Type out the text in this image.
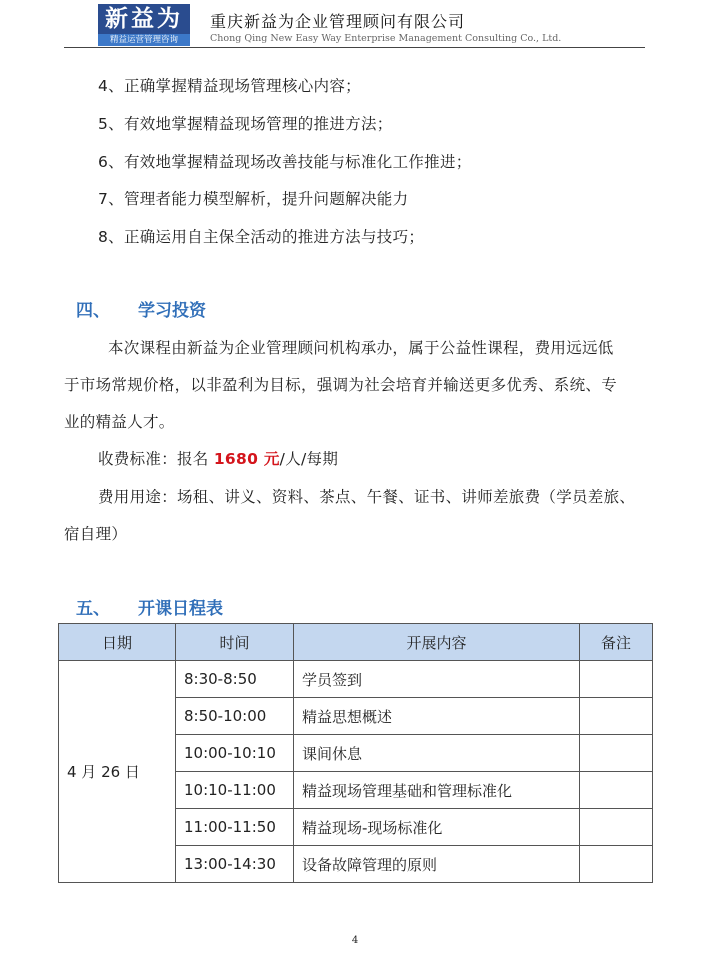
新益为
精益运营管理咨询
重庆新益为企业管理顾问有限公司
Chong Qing New Easy Way Enterprise Management Consulting Co., Ltd.
4、正确掌握精益现场管理核心内容；
5、有效地掌握精益现场管理的推进方法；
6、有效地掌握精益现场改善技能与标准化工作推进；
7、管理者能力模型解析，提升问题解决能力
8、正确运用自主保全活动的推进方法与技巧；
四、 学习投资
本次课程由新益为企业管理顾问机构承办，属于公益性课程，费用远远低
于市场常规价格，以非盈利为目标，强调为社会培育并输送更多优秀、系统、专
业的精益人才。
收费标准：报名 1680 元/人/每期
费用用途：场租、讲义、资料、茶点、午餐、证书、讲师差旅费（学员差旅、
宿自理）
五、 开课日程表
日期	时间	开展内容	备注
4 月 26 日	8:30-8:50	学员签到	
	8:50-10:00	精益思想概述	
	10:00-10:10	课间休息	
	10:10-11:00	精益现场管理基础和管理标准化	
	11:00-11:50	精益现场-现场标准化	
	13:00-14:30	设备故障管理的原则	
4
